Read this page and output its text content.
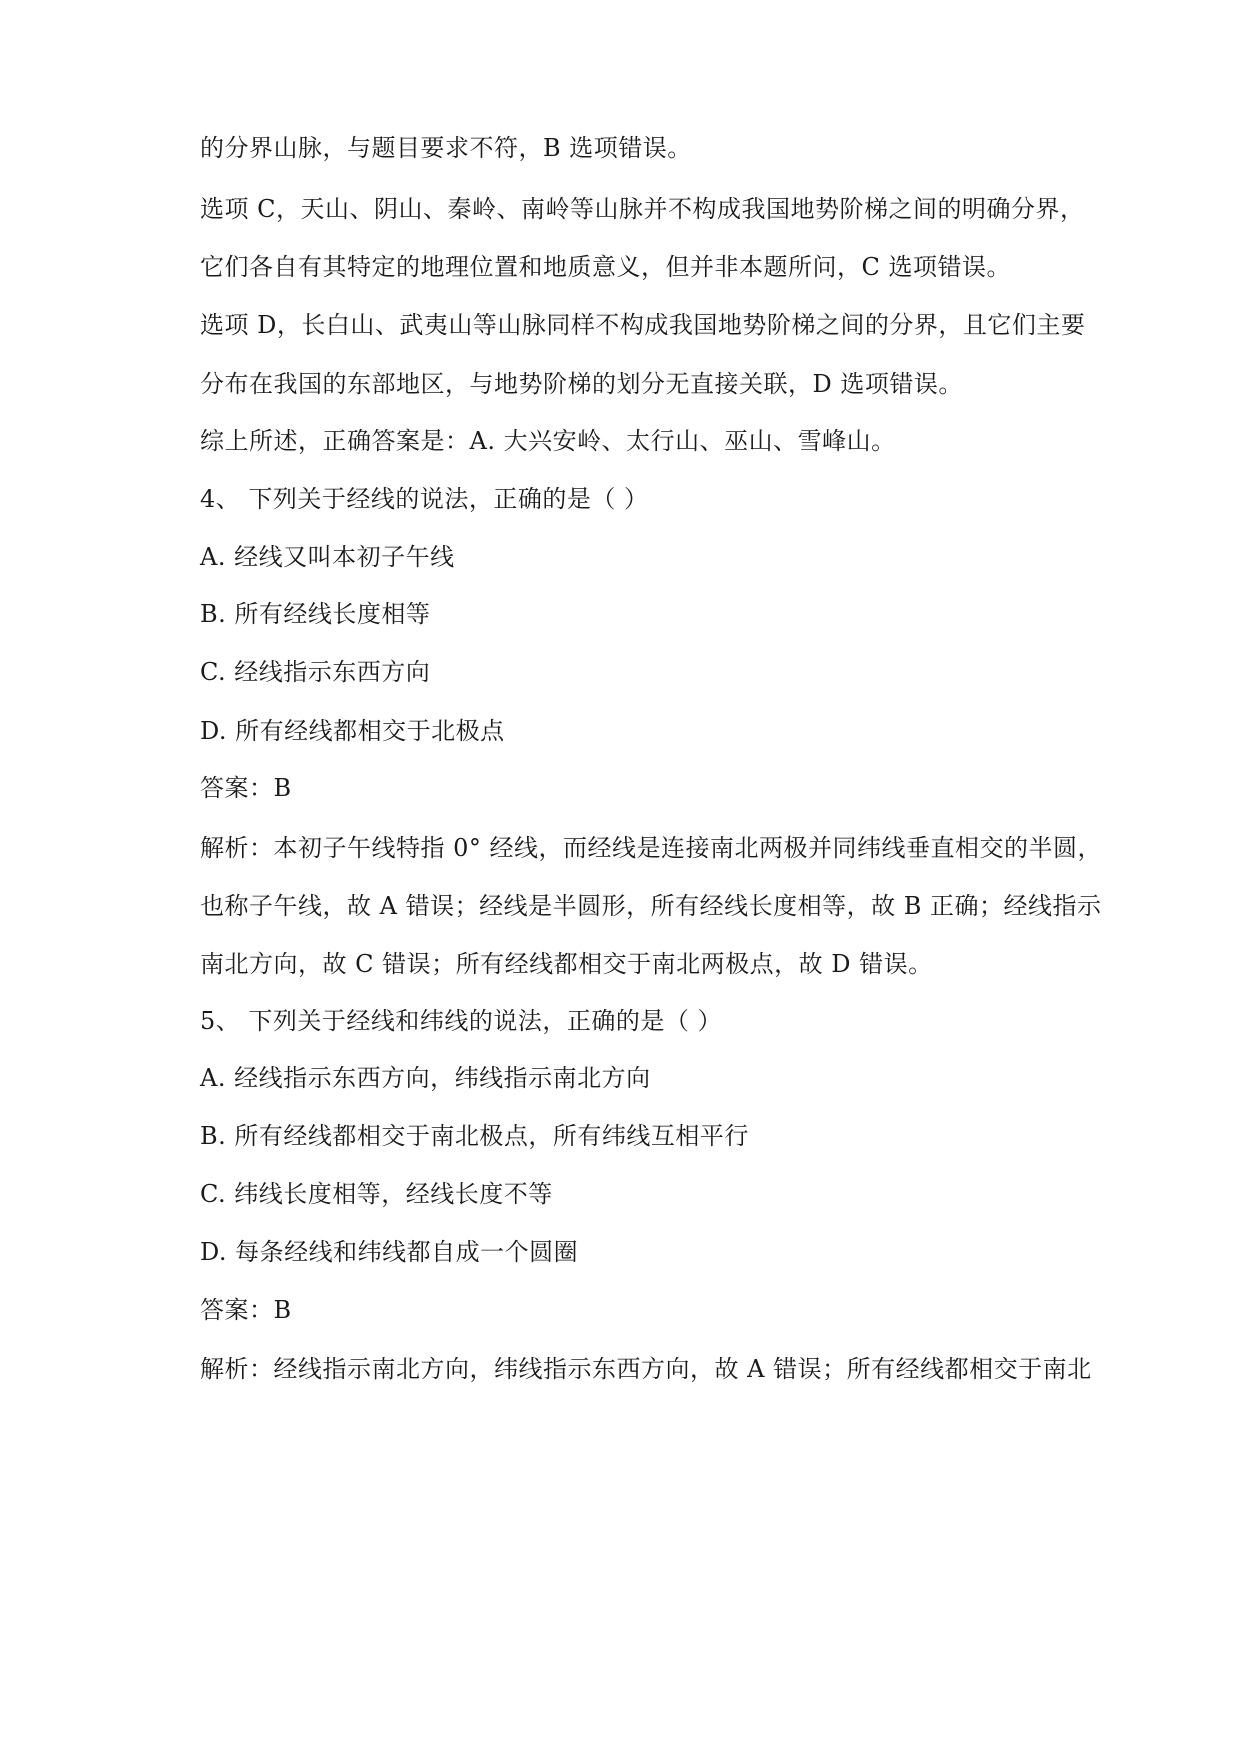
的分界山脉，与题目要求不符，B 选项错误。
选项 C，天山、阴山、秦岭、南岭等山脉并不构成我国地势阶梯之间的明确分界，
它们各自有其特定的地理位置和地质意义，但并非本题所问，C 选项错误。
选项 D，长白山、武夷山等山脉同样不构成我国地势阶梯之间的分界，且它们主要
分布在我国的东部地区，与地势阶梯的划分无直接关联，D 选项错误。
综上所述，正确答案是：A. 大兴安岭、太行山、巫山、雪峰山。
4、 下列关于经线的说法，正确的是（ ）
A. 经线又叫本初子午线
B. 所有经线长度相等
C. 经线指示东西方向
D. 所有经线都相交于北极点
答案：B
解析：本初子午线特指 0° 经线，而经线是连接南北两极并同纬线垂直相交的半圆，
也称子午线，故 A 错误；经线是半圆形，所有经线长度相等，故 B 正确；经线指示
南北方向，故 C 错误；所有经线都相交于南北两极点，故 D 错误。
5、 下列关于经线和纬线的说法，正确的是（ ）
A. 经线指示东西方向，纬线指示南北方向
B. 所有经线都相交于南北极点，所有纬线互相平行
C. 纬线长度相等，经线长度不等
D. 每条经线和纬线都自成一个圆圈
答案：B
解析：经线指示南北方向，纬线指示东西方向，故 A 错误；所有经线都相交于南北
